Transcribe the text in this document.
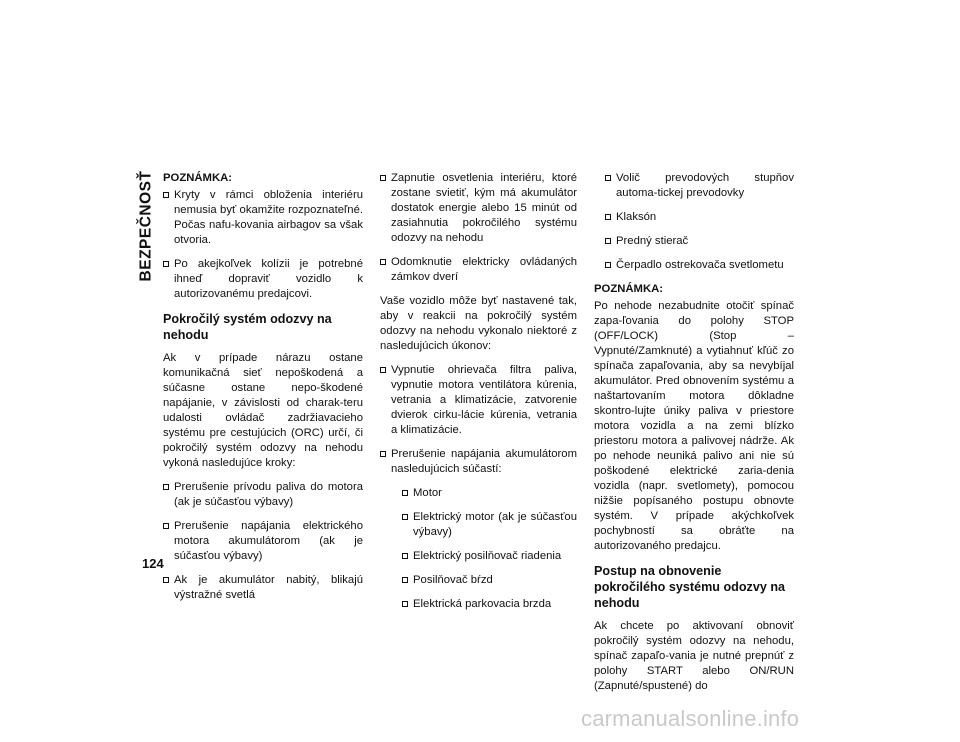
BEZPEČNOSŤ
124
POZNÁMKA:
Kryty v rámci obloženia interiéru nemusia byť okamžite rozpoznateľné. Počas nafu-kovania airbagov sa však otvoria.
Po akejkoľvek kolízii je potrebné ihneď dopraviť vozidlo k autorizovanému predajcovi.
Pokročilý systém odozvy na nehodu

Ak v prípade nárazu ostane komunikačná sieť nepoškodená a súčasne ostane nepo-škodené napájanie, v závislosti od charak-teru udalosti ovládač zadržiavacieho systému pre cestujúcich (ORC) určí, či pokročilý systém odozvy na nehodu vykoná nasledujúce kroky:

Prerušenie prívodu paliva do motora (ak je súčasťou výbavy)
Prerušenie napájania elektrického motora akumulátorom (ak je súčasťou výbavy)
Ak je akumulátor nabitý, blikajú výstražné svetlá
Zapnutie osvetlenia interiéru, ktoré zostane svietiť, kým má akumulátor dostatok energie alebo 15 minút od zasiahnutia pokročilého systému odozvy na nehodu
Odomknutie elektricky ovládaných zámkov dverí

Vaše vozidlo môže byť nastavené tak, aby v reakcii na pokročilý systém odozvy na nehodu vykonalo niektoré z nasledujúcich úkonov:

Vypnutie ohrievača filtra paliva, vypnutie motora ventilátora kúrenia, vetrania a klimatizácie, zatvorenie dvierok cirku-lácie kúrenia, vetrania a klimatizácie.
Prerušenie napájania akumulátorom nasledujúcich súčastí:
Motor
Elektrický motor (ak je súčasťou výbavy)
Elektrický posilňovač riadenia
Posilňovač bŕzd
Elektrická parkovacia brzda
Volič prevodových stupňov automa-tickej prevodovky
Klaksón
Predný stierač
Čerpadlo ostrekovača svetlometu
POZNÁMKA:

Po nehode nezabudnite otočiť spínač zapa-ľovania do polohy STOP (OFF/LOCK) (Stop – Vypnuté/Zamknuté) a vytiahnuť kľúč zo spínača zapaľovania, aby sa nevybíjal akumulátor. Pred obnovením systému a naštartovaním motora dôkladne skontro-lujte úniky paliva v priestore motora vozidla a na zemi blízko priestoru motora a palivovej nádrže. Ak po nehode neuniká palivo ani nie sú poškodené elektrické zaria-denia vozidla (napr. svetlomety), pomocou nižšie popísaného postupu obnovte systém. V prípade akýchkoľvek pochybností sa obráťte na autorizovaného predajcu.

Postup na obnovenie pokročilého systému odozvy na nehodu

Ak chcete po aktivovaní obnoviť pokročilý systém odozvy na nehodu, spínač zapaľo-vania je nutné prepnúť z polohy START alebo ON/RUN (Zapnuté/spustené) do

carmanualsonline.info
